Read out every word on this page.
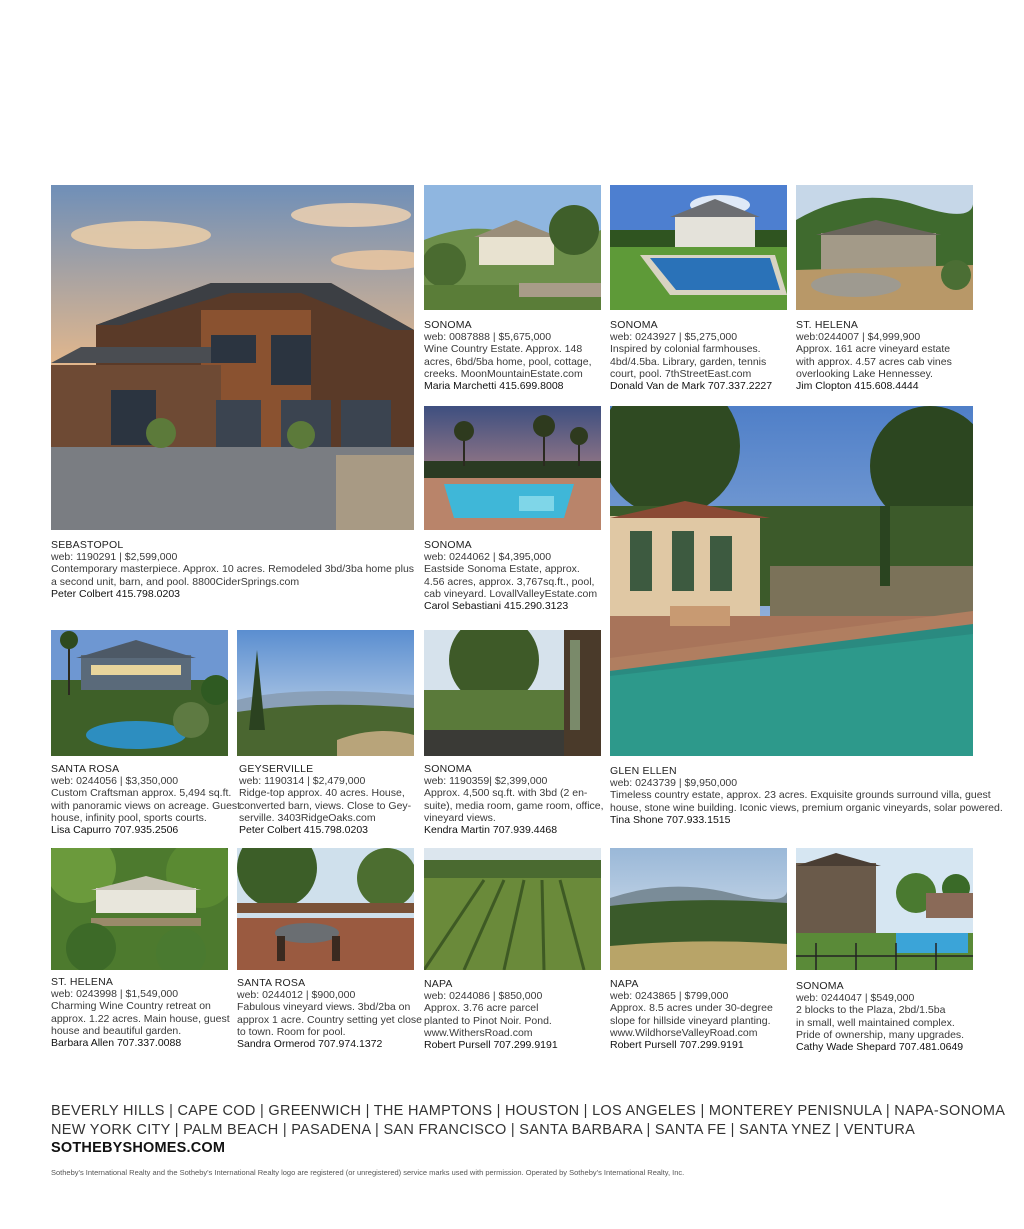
SEBASTOPOL
web: 1190291 | $2,599,000
Contemporary masterpiece. Approx. 10 acres. Remodeled 3bd/3ba home plus
a second unit, barn, and pool. 8800CiderSprings.com
Peter Colbert 415.798.0203
SONOMA
web: 0087888 | $5,675,000
Wine Country Estate. Approx. 148
acres, 6bd/5ba home, pool, cottage,
creeks. MoonMountainEstate.com
Maria Marchetti 415.699.8008
SONOMA
web: 0243927 | $5,275,000
Inspired by colonial farmhouses.
4bd/4.5ba. Library, garden, tennis
court, pool. 7thStreetEast.com
Donald Van de Mark 707.337.2227
ST. HELENA
web:0244007 | $4,999,900
Approx. 161 acre vineyard estate
with approx. 4.57 acres cab vines
overlooking Lake Hennessey.
Jim Clopton 415.608.4444
SONOMA
web: 0244062 | $4,395,000
Eastside Sonoma Estate, approx.
4.56 acres, approx. 3,767sq.ft., pool,
cab vineyard. LovallValleyEstate.com
Carol Sebastiani 415.290.3123
SANTA ROSA
web: 0244056 | $3,350,000
Custom Craftsman approx. 5,494 sq.ft.
with panoramic views on acreage. Guest
house, infinity pool, sports courts.
Lisa Capurro 707.935.2506
GEYSERVILLE
web: 1190314 | $2,479,000
Ridge-top approx. 40 acres. House,
converted barn, views. Close to Gey-
serville. 3403RidgeOaks.com
Peter Colbert 415.798.0203
SONOMA
web: 1190359| $2,399,000
Approx. 4,500 sq.ft. with 3bd (2 en-
suite), media room, game room, office,
vineyard views.
Kendra Martin 707.939.4468
GLEN ELLEN
web: 0243739 | $9,950,000
Timeless country estate, approx. 23 acres. Exquisite grounds surround villa, guest
house, stone wine building. Iconic views, premium organic vineyards, solar powered.
Tina Shone 707.933.1515
ST. HELENA
web: 0243998 | $1,549,000
Charming Wine Country retreat on
approx. 1.22 acres. Main house, guest
house and beautiful garden.
Barbara Allen 707.337.0088
SANTA ROSA
web: 0244012 | $900,000
Fabulous vineyard views. 3bd/2ba on
approx 1 acre. Country setting yet close
to town. Room for pool.
Sandra Ormerod 707.974.1372
NAPA
web: 0244086 | $850,000
Approx. 3.76 acre parcel
planted to Pinot Noir. Pond.
www.WithersRoad.com
Robert Pursell 707.299.9191
NAPA
web: 0243865 | $799,000
Approx. 8.5 acres under 30-degree
slope for hillside vineyard planting.
www.WildhorseValleyRoad.com
Robert Pursell 707.299.9191
SONOMA
web: 0244047 | $549,000
2 blocks to the Plaza, 2bd/1.5ba
in small, well maintained complex.
Pride of ownership, many upgrades.
Cathy Wade Shepard 707.481.0649
BEVERLY HILLS | CAPE COD | GREENWICH | THE HAMPTONS | HOUSTON | LOS ANGELES | MONTEREY PENISNULA | NAPA-SONOMA
NEW YORK CITY | PALM BEACH | PASADENA | SAN FRANCISCO | SANTA BARBARA | SANTA FE | SANTA YNEZ | VENTURA
SOTHEBYSHOMES.COM
Sotheby's International Realty and the Sotheby's International Realty logo are registered (or unregistered) service marks used with permission. Operated by Sotheby's International Realty, Inc.
